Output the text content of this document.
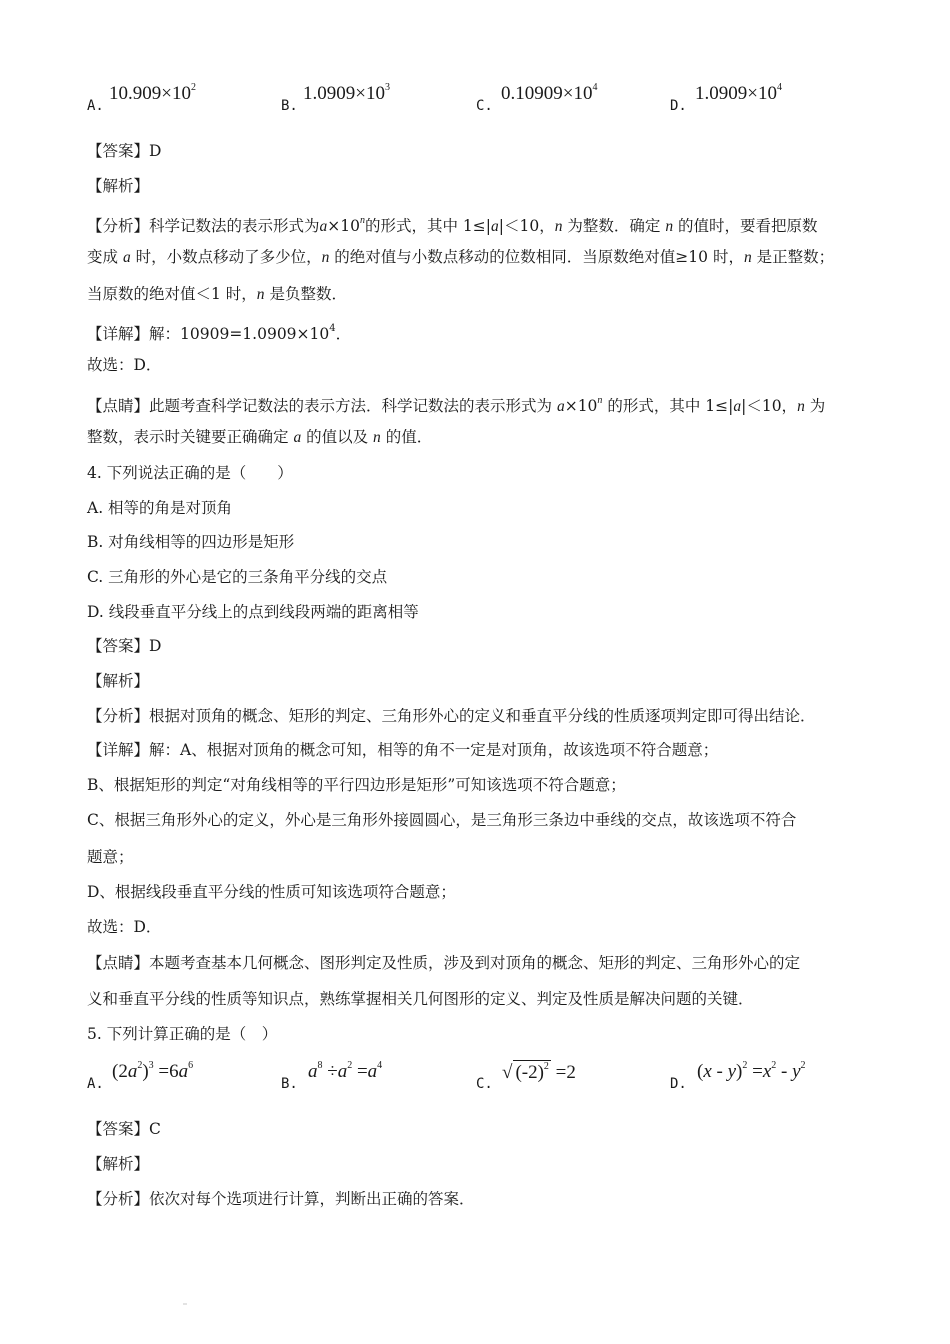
A.
$10.909\times 10^2$
B.
$1.0909\times 10^3$
C.
$0.10909\times 10^4$
D.
$1.0909\times 10^4$
【答案】D
【解析】
【分析】科学记数法的表示形式为$a\times 10^n$的形式，其中 1≤|a|＜10，n 为整数．确定 n 的值时，要看把原数
变成 a 时，小数点移动了多少位，n 的绝对值与小数点移动的位数相同．当原数绝对值≥10 时，n 是正整数；
当原数的绝对值＜1 时，n 是负整数．
【详解】解：$10909=1.0909\times 10^4$．
故选：D．
【点睛】此题考查科学记数法的表示方法．科学记数法的表示形式为 $a\times 10^n$ 的形式，其中 1≤|a|＜10，n 为
整数，表示时关键要正确确定 a 的值以及 n 的值．
4. 下列说法正确的是（　　）
A. 相等的角是对顶角
B. 对角线相等的四边形是矩形
C. 三角形的外心是它的三条角平分线的交点
D. 线段垂直平分线上的点到线段两端的距离相等
【答案】D
【解析】
【分析】根据对顶角的概念、矩形的判定、三角形外心的定义和垂直平分线的性质逐项判定即可得出结论．
【详解】解：A、根据对顶角的概念可知，相等的角不一定是对顶角，故该选项不符合题意；
B、根据矩形的判定“对角线相等的平行四边形是矩形”可知该选项不符合题意；
C、根据三角形外心的定义，外心是三角形外接圆圆心，是三角形三条边中垂线的交点，故该选项不符合
题意；
D、根据线段垂直平分线的性质可知该选项符合题意；
故选：D．
【点睛】本题考查基本几何概念、图形判定及性质，涉及到对顶角的概念、矩形的判定、三角形外心的定
义和垂直平分线的性质等知识点，熟练掌握相关几何图形的定义、判定及性质是解决问题的关键．
5. 下列计算正确的是（　）
A.
$(2a^2)^3 =6a^6$
B.
$a^8 \div a^2 =a^4$
C.
√ $(-2)^2 =2$
D.
$(x - y)^2 =x^2 - y^2$
【答案】C
【解析】
【分析】依次对每个选项进行计算，判断出正确的答案．
